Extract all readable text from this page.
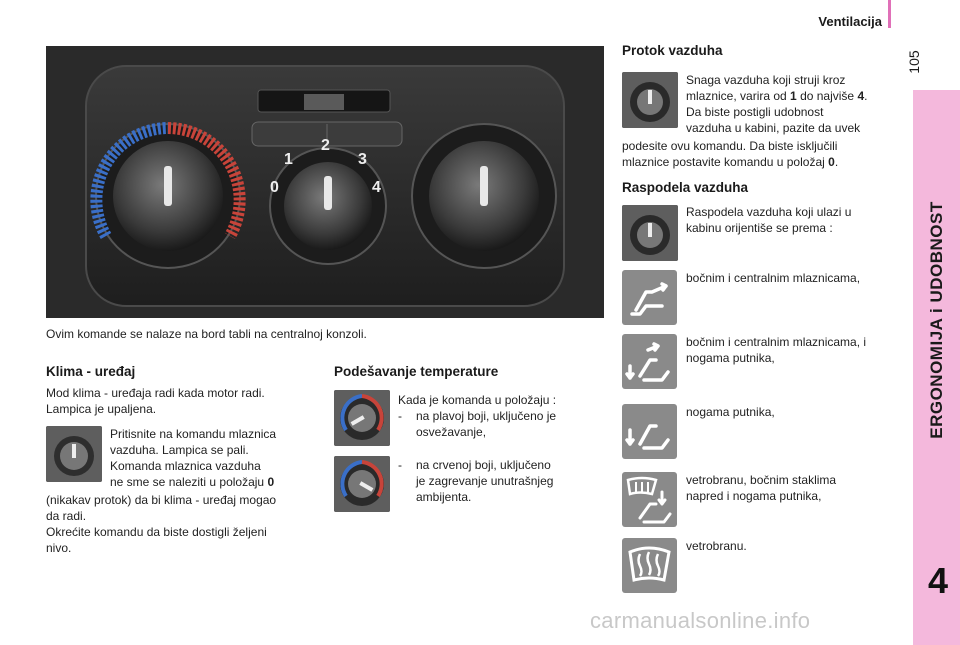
Ventilacija
105
ERGONOMIJA i UDOBNOST
4
0
1
2
3
4
Ovim komande se nalaze na bord tabli na centralnoj konzoli.
Klima - uređaj
Mod klima - uređaja radi kada motor radi.
Lampica je upaljena.
Pritisnite na komandu mlaznica
vazduha. Lampica se pali.
Komanda mlaznica vazduha
ne sme se naleziti u položaju 0
(nikakav protok) da bi klima - uređaj mogao
da radi.
Okrećite komandu da biste dostigli željeni
nivo.
Podešavanje temperature
Kada je komanda u položaju :
-	na plavoj boji, uključeno je
osvežavanje,
-	na crvenoj boji, uključeno
je zagrevanje unutrašnjeg
ambijenta.
Protok vazduha
Snaga vazduha koji struji kroz
mlaznice, varira od 1 do najviše 4.
Da biste postigli udobnost
vazduha u kabini, pazite da uvek
podesite ovu komandu. Da biste isključili
mlaznice postavite komandu u položaj 0.
Raspodela vazduha
Raspodela vazduha koji ulazi u
kabinu orijentiše se prema :
bočnim i centralnim mlaznicama,
bočnim i centralnim mlaznicama, i
nogama putnika,
nogama putnika,
vetrobranu, bočnim staklima
napred i nogama putnika,
vetrobranu.
carmanualsonline.info
